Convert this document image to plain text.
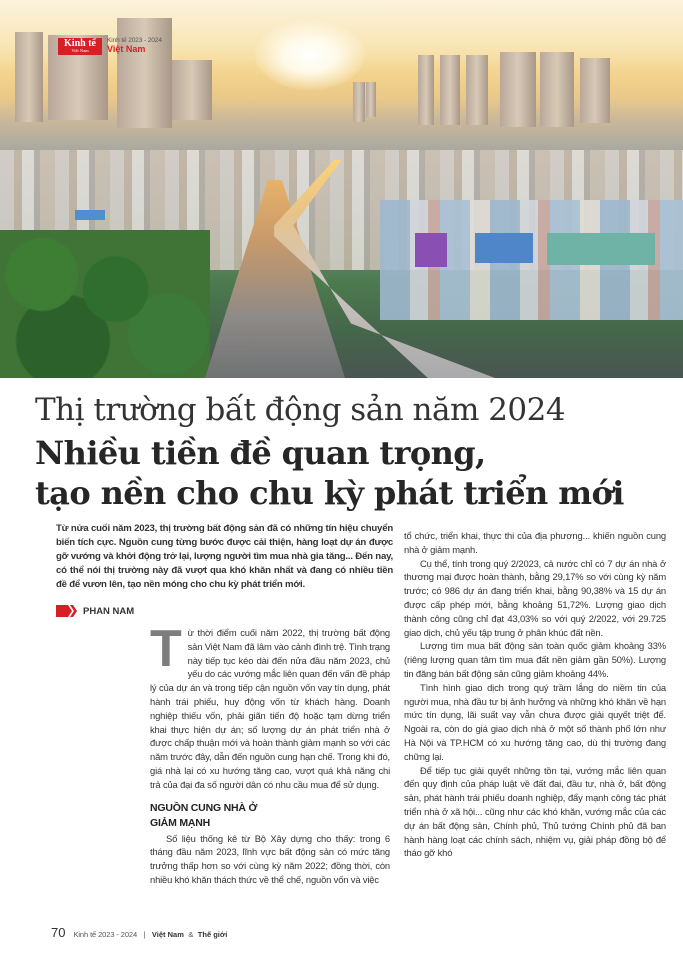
Kinh tế
Việt Nam
Kinh tế 2023 - 2024
Việt Nam
Thị trường bất động sản năm 2024
Nhiều tiền đề quan trọng,
tạo nền cho chu kỳ phát triển mới
Từ nửa cuối năm 2023, thị trường bất động sản đã có những tín hiệu chuyển biến tích cực. Nguồn cung từng bước được cải thiện, hàng loạt dự án được gỡ vướng và khởi động trở lại, lượng người tìm mua nhà gia tăng... Đến nay, có thể nói thị trường này đã vượt qua khó khăn nhất và đang có nhiều tiền đề để vươn lên, tạo nền móng cho chu kỳ phát triển mới.
PHAN NAM

Từ thời điểm cuối năm 2022, thị trường bất động sản Việt Nam đã lâm vào cảnh đình trệ. Tình trạng này tiếp tục kéo dài đến nửa đầu năm 2023, chủ yếu do các vướng mắc liên quan đến vấn đề pháp lý của dự án và trong tiếp cận nguồn vốn vay tín dụng, phát hành trái phiếu, huy động vốn từ khách hàng. Doanh nghiệp thiếu vốn, phải giãn tiến độ hoặc tạm dừng triển khai thực hiện dự án; số lượng dự án phát triển nhà ở được chấp thuận mới và hoàn thành giảm mạnh so với các năm trước đây, dẫn đến nguồn cung hạn chế. Trong khi đó, giá nhà lại có xu hướng tăng cao, vượt quá khả năng chi trả của đại đa số người dân có nhu cầu mua để sử dụng.

NGUỒN CUNG NHÀ Ở
GIẢM MẠNH

Số liệu thống kê từ Bộ Xây dựng cho thấy: trong 6 tháng đầu năm 2023, lĩnh vực bất động sản có mức tăng trưởng thấp hơn so với cùng kỳ năm 2022; đồng thời, còn nhiều khó khăn thách thức về thể chế, nguồn vốn và việc

tổ chức, triển khai, thực thi của địa phương... khiến nguồn cung nhà ở giảm mạnh.

Cụ thể, tính trong quý 2/2023, cả nước chỉ có 7 dự án nhà ở thương mại được hoàn thành, bằng 29,17% so với cùng kỳ năm trước; có 986 dự án đang triển khai, bằng 90,38% và 15 dự án được cấp phép mới, bằng khoảng 51,72%. Lượng giao dịch thành công cũng chỉ đạt 43,03% so với quý 2/2022, với 29.725 giao dịch, chủ yếu tập trung ở phân khúc đất nền.

Lượng tìm mua bất động sản toàn quốc giảm khoảng 33% (riêng lượng quan tâm tìm mua đất nền giảm gần 50%). Lượng tin đăng bán bất động sản cũng giảm khoảng 44%.

Tình hình giao dịch trong quý trầm lắng do niềm tin của người mua, nhà đầu tư bị ảnh hưởng và những khó khăn về hạn mức tín dụng, lãi suất vay vẫn chưa được giải quyết triệt để. Ngoài ra, còn do giá giao dịch nhà ở một số thành phố lớn như Hà Nội và TP.HCM có xu hướng tăng cao, dù thị trường đang chững lại.

Để tiếp tục giải quyết những tồn tại, vướng mắc liên quan đến quy định của pháp luật về đất đai, đầu tư, nhà ở, bất động sản, phát hành trái phiếu doanh nghiệp, đẩy mạnh công tác phát triển nhà ở xã hội... cũng như các khó khăn, vướng mắc của các dự án bất động sản, Chính phủ, Thủ tướng Chính phủ đã ban hành hàng loạt các chính sách, nhiệm vụ, giải pháp đồng bộ để tháo gỡ khó

70 Kinh tế 2023 - 2024 | Việt Nam & Thế giới
